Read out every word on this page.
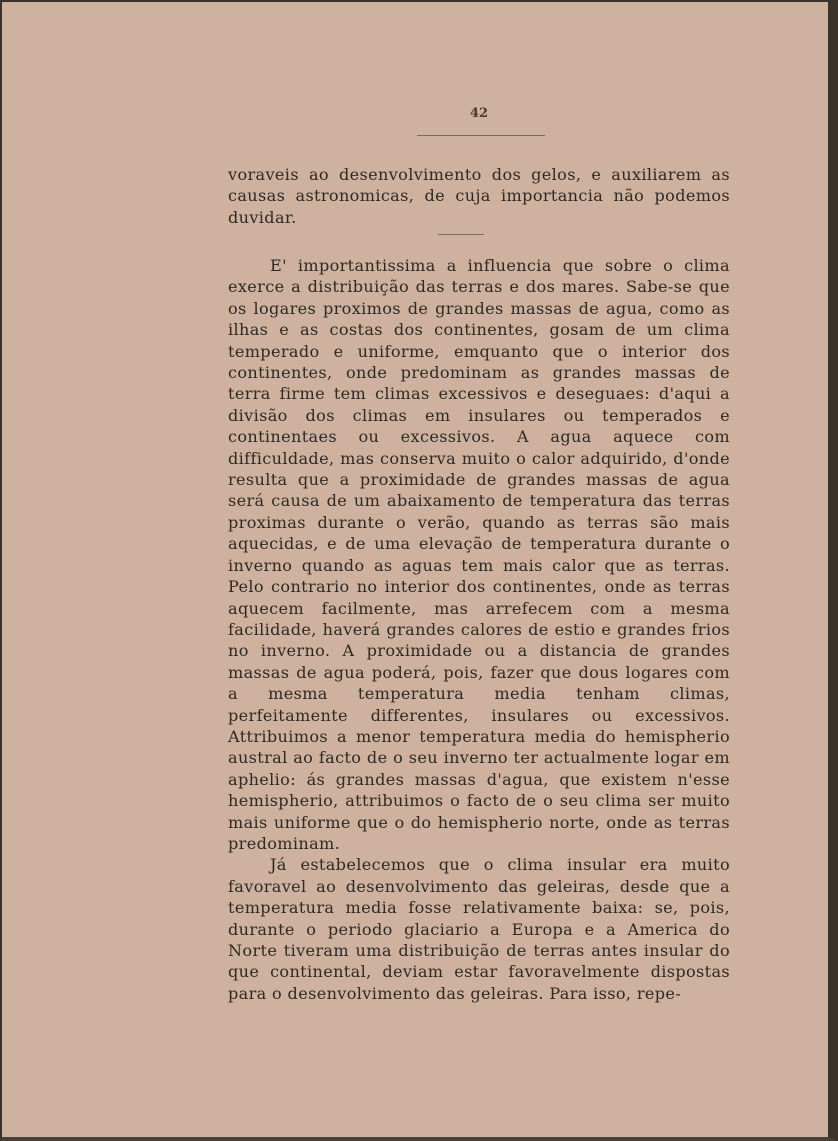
42

voraveis ao desenvolvimento dos gelos, e auxiliarem as causas astronomicas, de cuja importancia não podemos duvidar.

E' importantissima a influencia que sobre o clima exerce a distribuição das terras e dos mares. Sabe-se que os logares proximos de grandes massas de agua, como as ilhas e as costas dos continentes, gosam de um clima temperado e uniforme, emquanto que o interior dos continentes, onde predominam as grandes massas de terra firme tem climas excessivos e deseguaes: d'aqui a divisão dos climas em insulares ou temperados e continentaes ou excessivos. A agua aquece com difficuldade, mas conserva muito o calor adquirido, d'onde resulta que a proximidade de grandes massas de agua será causa de um abaixamento de temperatura das terras proximas durante o verão, quando as terras são mais aquecidas, e de uma elevação de temperatura durante o inverno quando as aguas tem mais calor que as terras. Pelo contrario no interior dos continentes, onde as terras aquecem facilmente, mas arrefecem com a mesma facilidade, haverá grandes calores de estio e grandes frios no inverno. A proximidade ou a distancia de grandes massas de agua poderá, pois, fazer que dous logares com a mesma temperatura media tenham climas, perfeitamente differentes, insulares ou excessivos. Attribuimos a menor temperatura media do hemispherio austral ao facto de o seu inverno ter actualmente logar em aphelio: ás grandes massas d'agua, que existem n'esse hemispherio, attribuimos o facto de o seu clima ser muito mais uniforme que o do hemispherio norte, onde as terras predominam.

Já estabelecemos que o clima insular era muito favoravel ao desenvolvimento das geleiras, desde que a temperatura media fosse relativamente baixa: se, pois, durante o periodo glaciario a Europa e a America do Norte tiveram uma distribuição de terras antes insular do que continental, deviam estar favoravelmente dispostas para o desenvolvimento das geleiras. Para isso, repe-
